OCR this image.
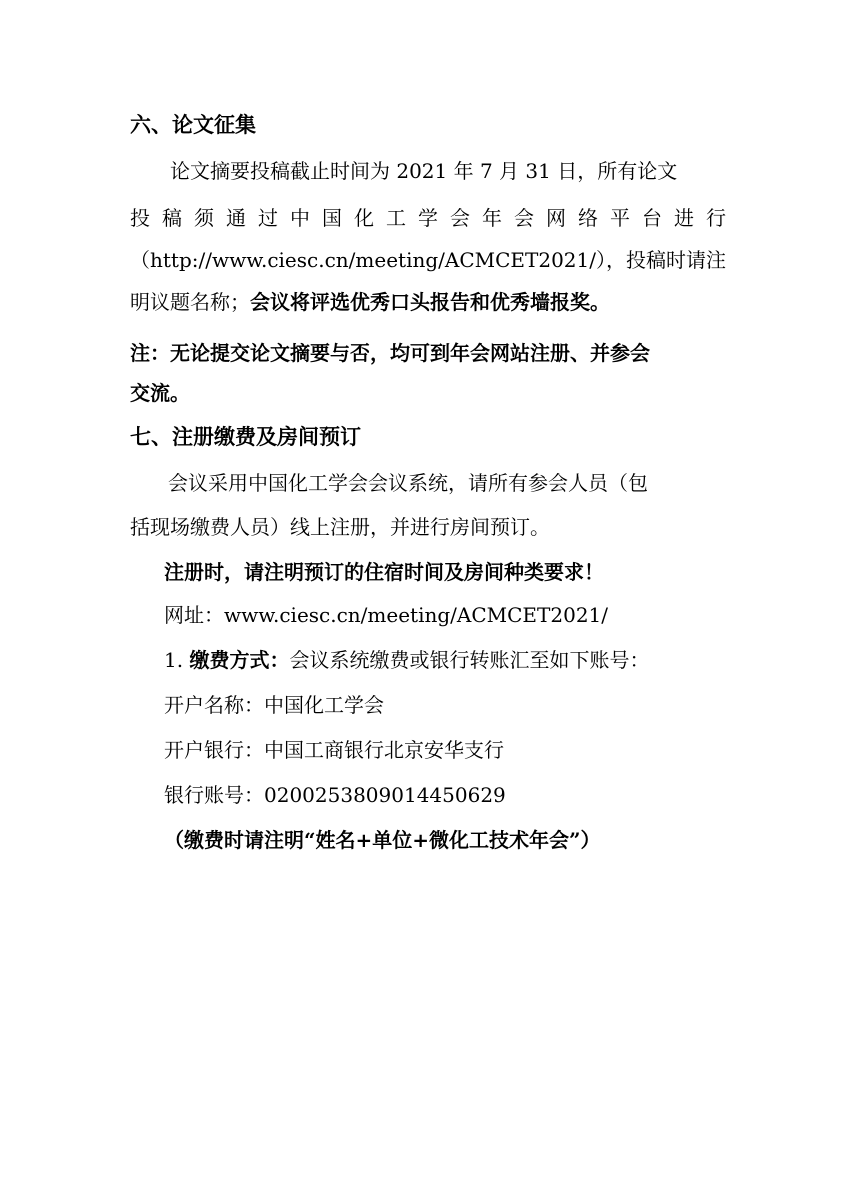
六、论文征集
论文摘要投稿截止时间为 2021 年 7 月 31 日，所有论文
投稿须通过中国化工学会年会网络平台进行
（http://www.ciesc.cn/meeting/ACMCET2021/），投稿时请注
明议题名称；会议将评选优秀口头报告和优秀墙报奖。
注：无论提交论文摘要与否，均可到年会网站注册、并参会
交流。
七、注册缴费及房间预订
会议采用中国化工学会会议系统，请所有参会人员（包
括现场缴费人员）线上注册，并进行房间预订。
注册时，请注明预订的住宿时间及房间种类要求！
网址：www.ciesc.cn/meeting/ACMCET2021/
1. 缴费方式：会议系统缴费或银行转账汇至如下账号：
开户名称：中国化工学会
开户银行：中国工商银行北京安华支行
银行账号：0200253809014450629
（缴费时请注明“姓名+单位+微化工技术年会”）
